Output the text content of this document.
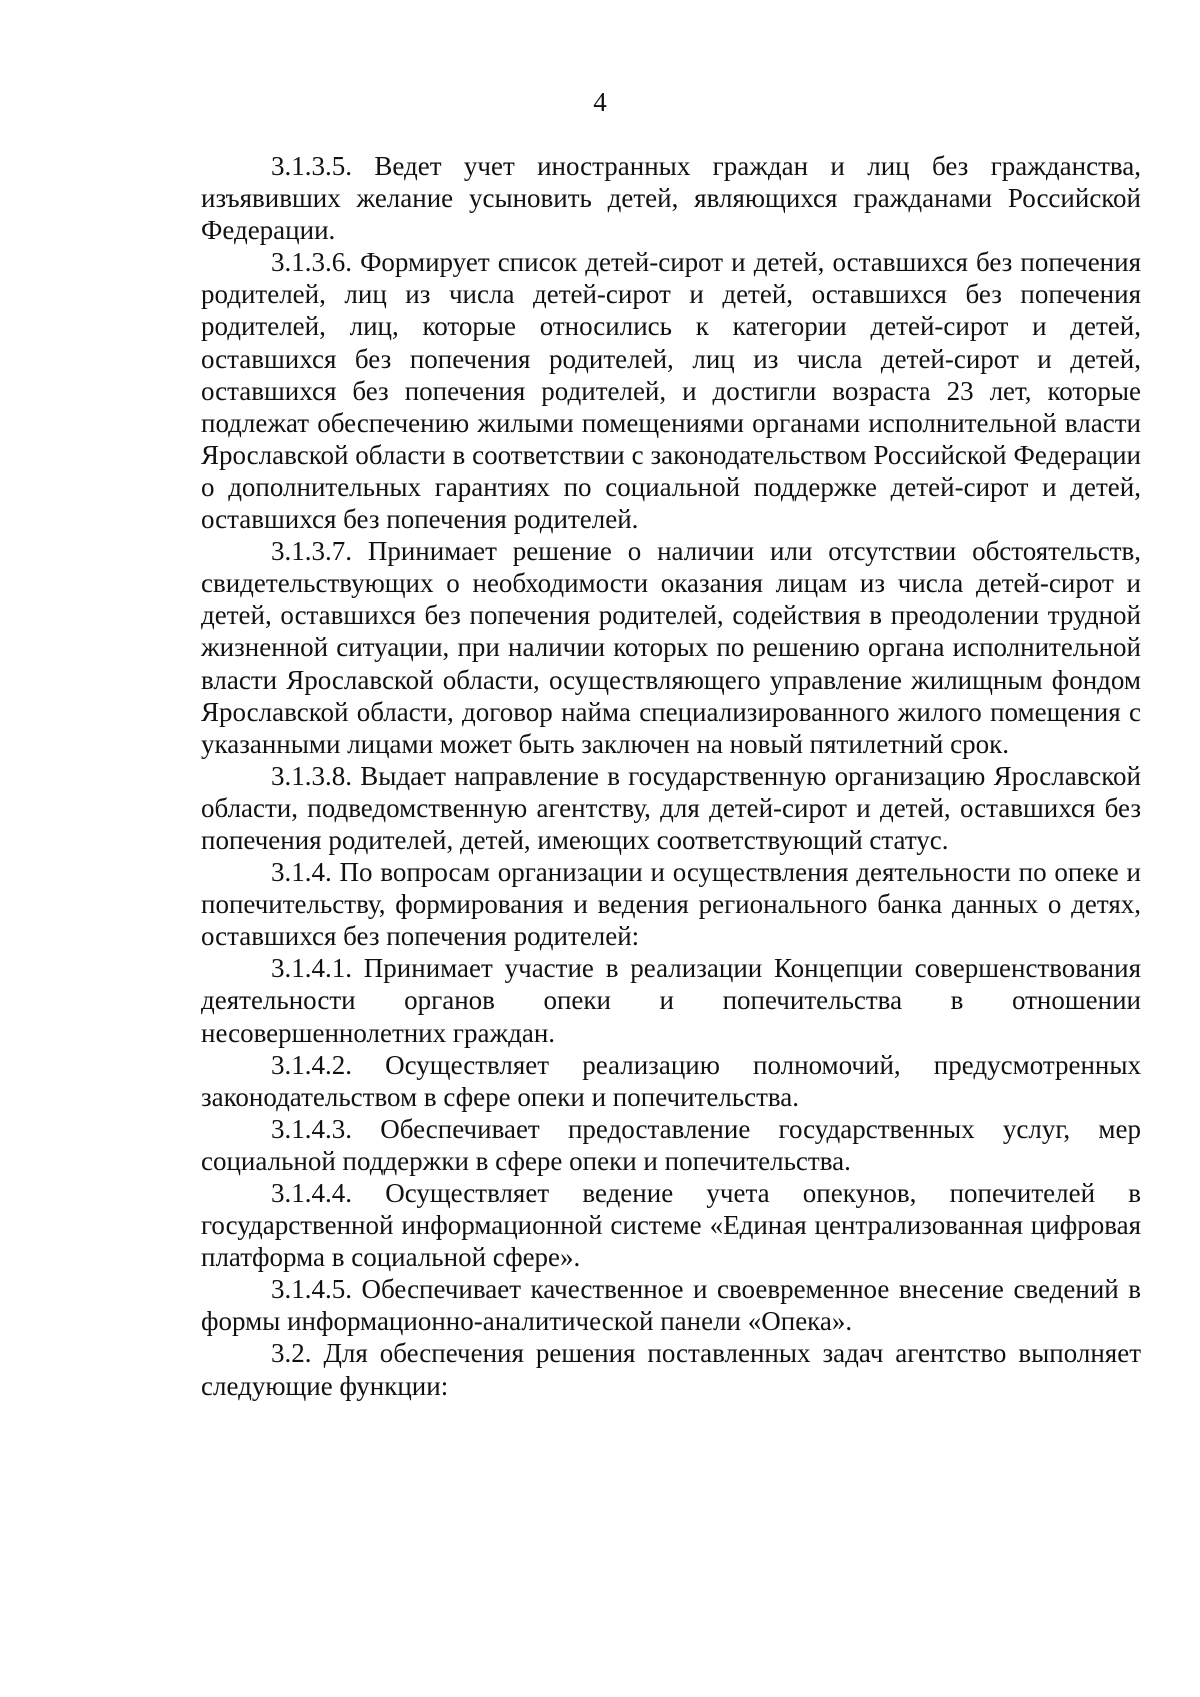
4

3.1.3.5. Ведет учет иностранных граждан и лиц без гражданства, изъявивших желание усыновить детей, являющихся гражданами Российской Федерации.

3.1.3.6. Формирует список детей-сирот и детей, оставшихся без попечения родителей, лиц из числа детей-сирот и детей, оставшихся без попечения родителей, лиц, которые относились к категории детей-сирот и детей, оставшихся без попечения родителей, лиц из числа детей-сирот и детей, оставшихся без попечения родителей, и достигли возраста 23 лет, которые подлежат обеспечению жилыми помещениями органами исполнительной власти Ярославской области в соответствии с законодательством Российской Федерации о дополнительных гарантиях по социальной поддержке детей-сирот и детей, оставшихся без попечения родителей.

3.1.3.7. Принимает решение о наличии или отсутствии обстоятельств, свидетельствующих о необходимости оказания лицам из числа детей-сирот и детей, оставшихся без попечения родителей, содействия в преодолении трудной жизненной ситуации, при наличии которых по решению органа исполнительной власти Ярославской области, осуществляющего управление жилищным фондом Ярославской области, договор найма специализированного жилого помещения с указанными лицами может быть заключен на новый пятилетний срок.

3.1.3.8. Выдает направление в государственную организацию Ярославской области, подведомственную агентству, для детей-сирот и детей, оставшихся без попечения родителей, детей, имеющих соответствующий статус.

3.1.4. По вопросам организации и осуществления деятельности по опеке и попечительству, формирования и ведения регионального банка данных о детях, оставшихся без попечения родителей:

3.1.4.1. Принимает участие в реализации Концепции совершенствования деятельности органов опеки и попечительства в отношении несовершеннолетних граждан.

3.1.4.2. Осуществляет реализацию полномочий, предусмотренных законодательством в сфере опеки и попечительства.

3.1.4.3. Обеспечивает предоставление государственных услуг, мер социальной поддержки в сфере опеки и попечительства.

3.1.4.4. Осуществляет ведение учета опекунов, попечителей в государственной информационной системе «Единая централизованная цифровая платформа в социальной сфере».

3.1.4.5. Обеспечивает качественное и своевременное внесение сведений в формы информационно-аналитической панели «Опека».

3.2. Для обеспечения решения поставленных задач агентство выполняет следующие функции:
